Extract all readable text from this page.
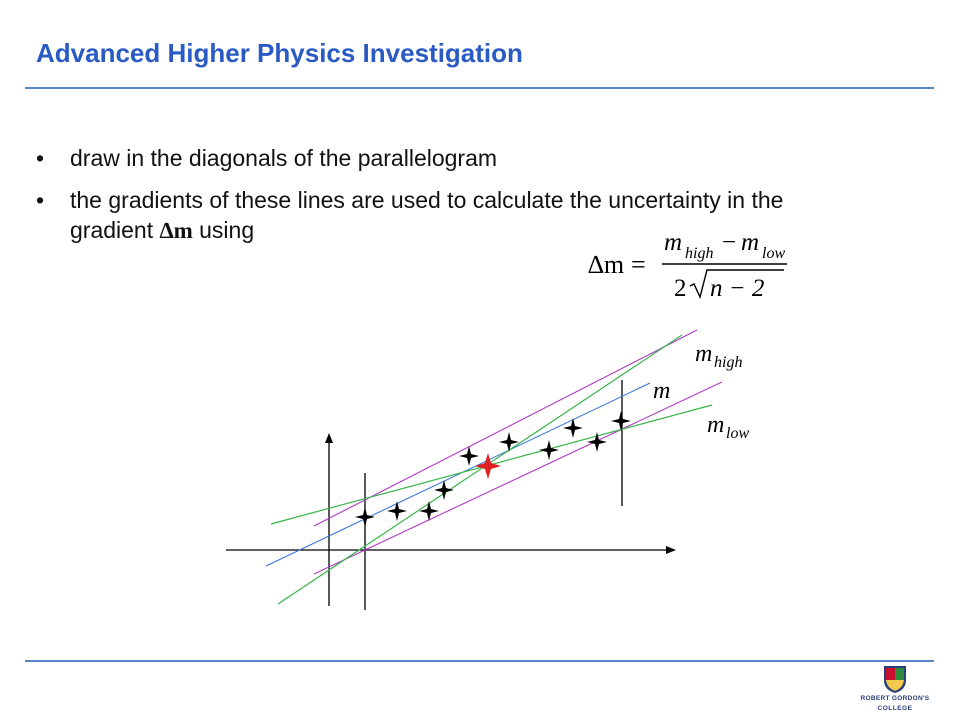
Advanced Higher Physics Investigation
• draw in the diagonals of the parallelogram
• the gradients of these lines are used to calculate the uncertainty in the gradient ∆m using
∆m =
m high − m low
2 n − 2
m high
m
m low
ROBERT GORDON'S
COLLEGE
